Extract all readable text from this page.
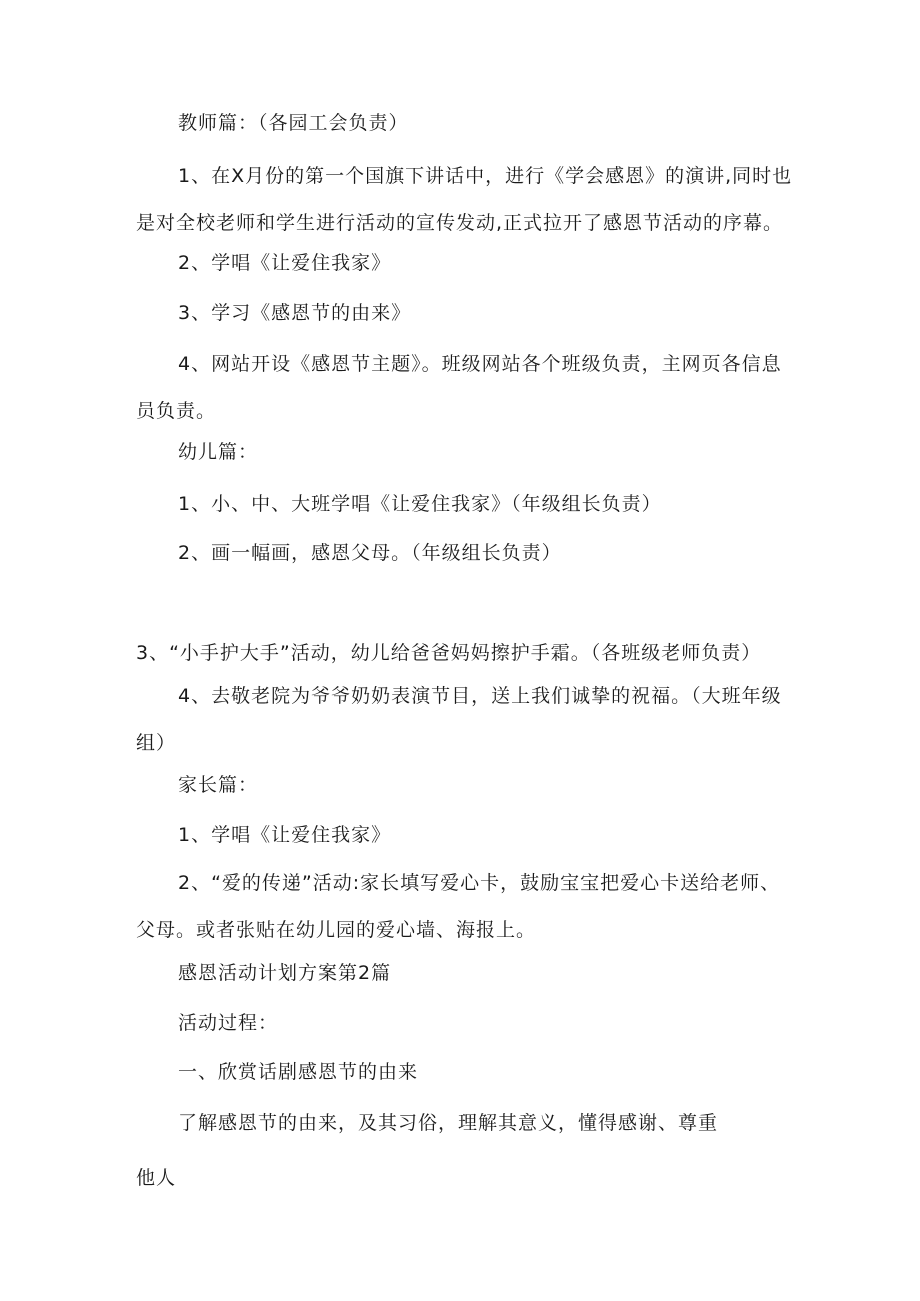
教师篇：（各园工会负责）
1、在X月份的第一个国旗下讲话中，进行《学会感恩》的演讲,同时也是对全校老师和学生进行活动的宣传发动,正式拉开了感恩节活动的序幕。
2、学唱《让爱住我家》
3、学习《感恩节的由来》
4、网站开设《感恩节主题》。班级网站各个班级负责，主网页各信息员负责。
幼儿篇：
1、小、中、大班学唱《让爱住我家》（年级组长负责）
2、画一幅画，感恩父母。（年级组长负责）
3、“小手护大手”活动，幼儿给爸爸妈妈擦护手霜。（各班级老师负责）
4、去敬老院为爷爷奶奶表演节目，送上我们诚挚的祝福。（大班年级组）
家长篇：
1、学唱《让爱住我家》
2、“爱的传递”活动:家长填写爱心卡，鼓励宝宝把爱心卡送给老师、父母。或者张贴在幼儿园的爱心墙、海报上。
感恩活动计划方案第2篇
活动过程：
一、欣赏话剧感恩节的由来
了解感恩节的由来，及其习俗，理解其意义，懂得感谢、尊重
他人
